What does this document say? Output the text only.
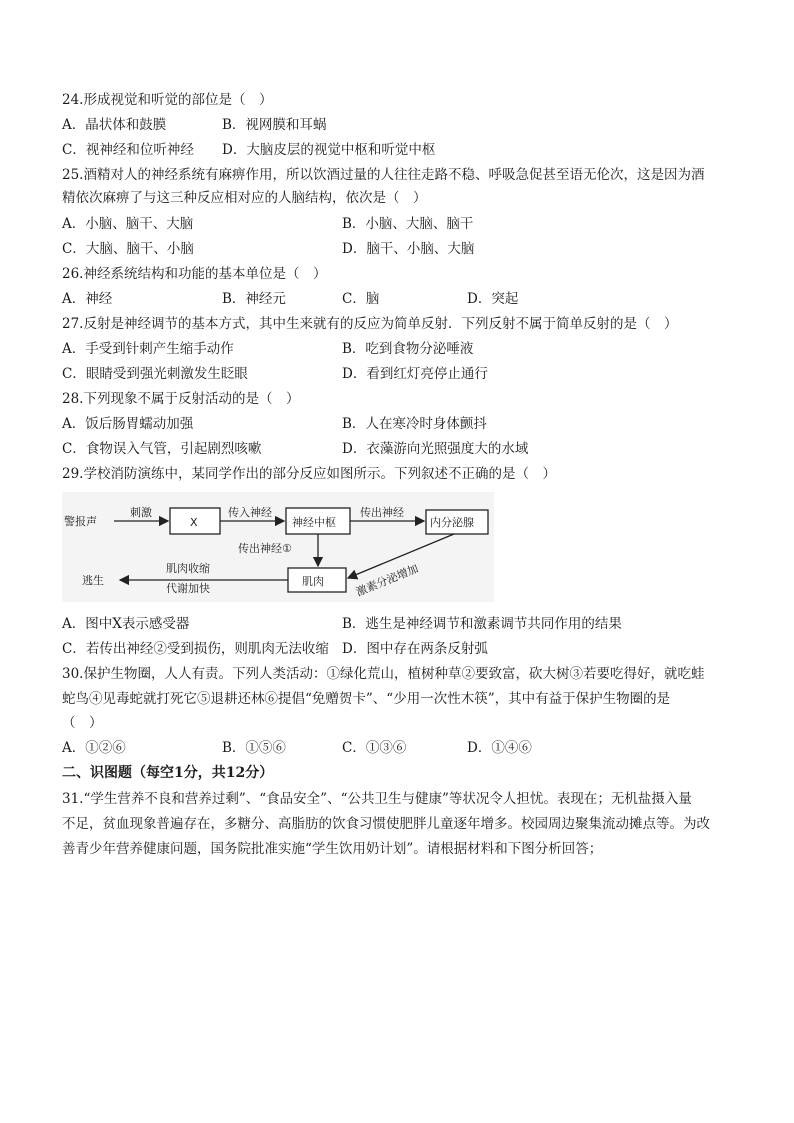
24.形成视觉和听觉的部位是（　）
A．晶状体和鼓膜	B．视网膜和耳蜗
C．视神经和位听神经 D．大脑皮层的视觉中枢和听觉中枢
25.酒精对人的神经系统有麻痹作用，所以饮酒过量的人往往走路不稳、呼吸急促甚至语无伦次，这是因为酒
精依次麻痹了与这三种反应相对应的人脑结构，依次是（　）
A．小脑、脑干、大脑	B．小脑、大脑、脑干
C．大脑、脑干、小脑	D．脑干、小脑、大脑
26.神经系统结构和功能的基本单位是（　）
A．神经	B．神经元	C．脑	D．突起
27.反射是神经调节的基本方式，其中生来就有的反应为简单反射．下列反射不属于简单反射的是（　）
A．手受到针刺产生缩手动作	B．吃到食物分泌唾液
C．眼睛受到强光刺激发生眨眼	D．看到红灯亮停止通行
28.下列现象不属于反射活动的是（　）
A．饭后肠胃蠕动加强	B．人在寒冷时身体颤抖
C．食物误入气管，引起剧烈咳嗽	D．衣藻游向光照强度大的水域
29.学校消防演练中，某同学作出的部分反应如图所示。下列叙述不正确的是（　）
警报声
刺激
X
传入神经
神经中枢
传出神经
内分泌腺
传出神经①
肌肉	激素分泌增加
肌肉收缩
代谢加快
逃生
A．图中X表示感受器	B．逃生是神经调节和激素调节共同作用的结果
C．若传出神经②受到损伤，则肌肉无法收缩 D．图中存在两条反射弧
30.保护生物圈，人人有责。下列人类活动：①绿化荒山，植树种草②要致富，砍大树③若要吃得好，就吃蛙
蛇鸟④见毒蛇就打死它⑤退耕还林⑥提倡“免赠贺卡”、“少用一次性木筷”，其中有益于保护生物圈的是
（　）
A．①②⑥	B．①⑤⑥	C．①③⑥	D．①④⑥
二、识图题（每空1分，共12分）
31.“学生营养不良和营养过剩”、“食品安全”、“公共卫生与健康”等状况令人担忧。表现在；无机盐摄入量
不足，贫血现象普遍存在，多糖分、高脂肪的饮食习惯使肥胖儿童逐年增多。校园周边聚集流动摊点等。为改
善青少年营养健康问题，国务院批准实施“学生饮用奶计划”。请根据材料和下图分析回答；
